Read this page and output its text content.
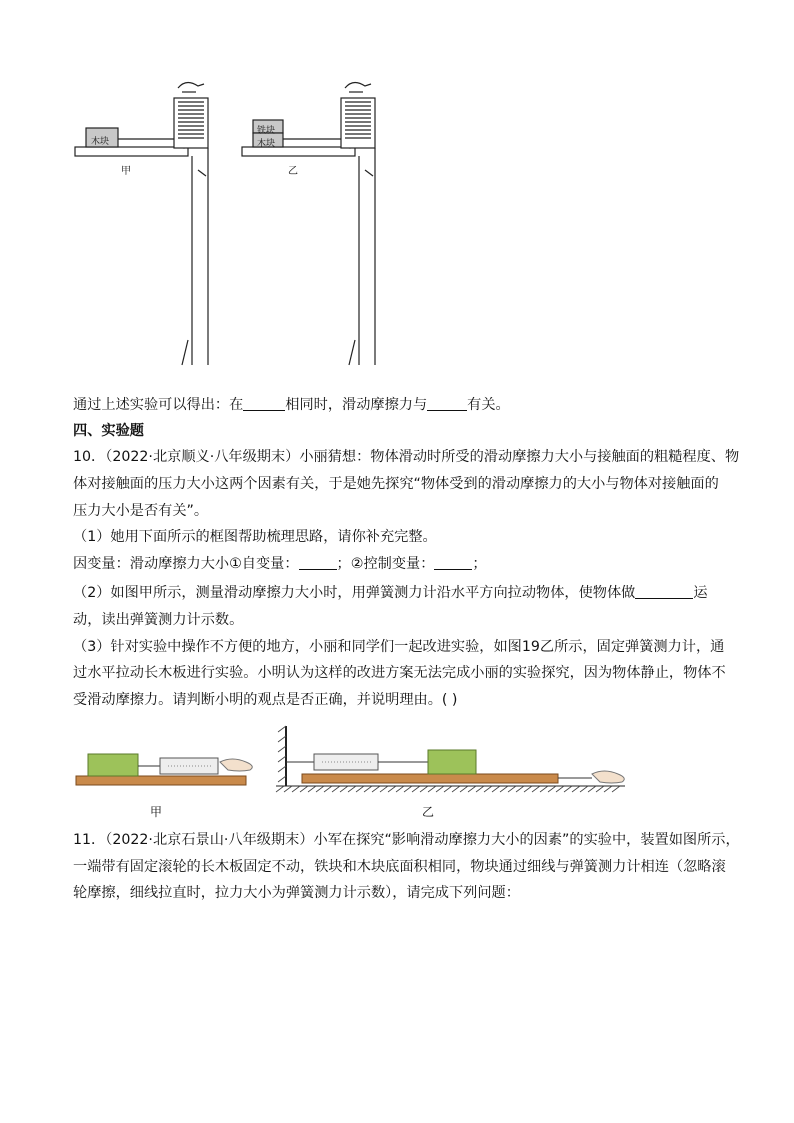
木块
铁块
木块
甲	乙
通过上述实验可以得出：在	相同时，滑动摩擦力与	有关。
四、实验题
10．（2022·北京顺义·八年级期末）小丽猜想：物体滑动时所受的滑动摩擦力大小与接触面的粗糙程度、物
体对接触面的压力大小这两个因素有关，于是她先探究“物体受到的滑动摩擦力的大小与物体对接触面的
压力大小是否有关”。
（1）她用下面所示的框图帮助梳理思路，请你补充完整。
因变量：滑动摩擦力大小①自变量：	；②控制变量：	；
（2）如图甲所示，测量滑动摩擦力大小时，用弹簧测力计沿水平方向拉动物体，使物体做	运
动，读出弹簧测力计示数。
（3）针对实验中操作不方便的地方，小丽和同学们一起改进实验，如图19乙所示，固定弹簧测力计，通
过水平拉动长木板进行实验。小明认为这样的改进方案无法完成小丽的实验探究，因为物体静止，物体不
受滑动摩擦力。请判断小明的观点是否正确，并说明理由。( )
甲	乙
11．（2022·北京石景山·八年级期末）小军在探究“影响滑动摩擦力大小的因素”的实验中，装置如图所示，
一端带有固定滚轮的长木板固定不动，铁块和木块底面积相同，物块通过细线与弹簧测力计相连（忽略滚
轮摩擦，细线拉直时，拉力大小为弹簧测力计示数），请完成下列问题：
